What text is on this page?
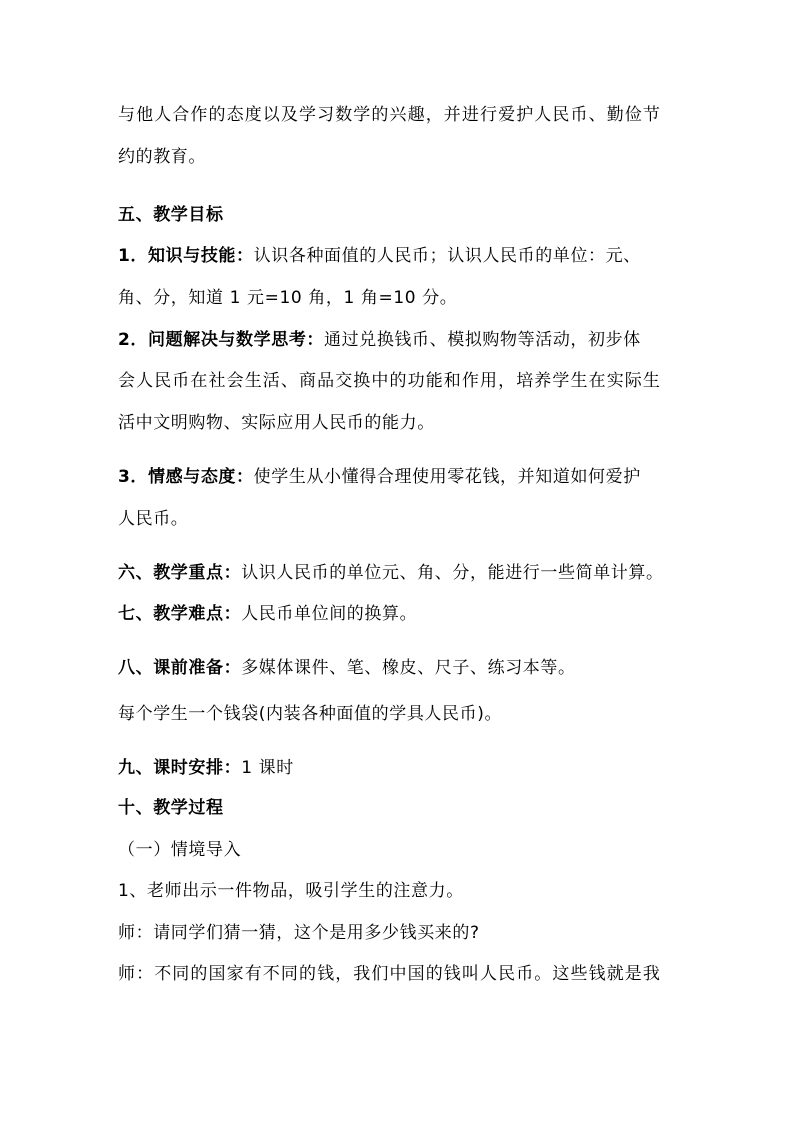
与他人合作的态度以及学习数学的兴趣，并进行爱护人民币、勤俭节
约的教育。
五、教学目标
1．知识与技能：认识各种面值的人民币；认识人民币的单位：元、
角、分，知道 1 元=10 角，1 角=10 分。
2．问题解决与数学思考：通过兑换钱币、模拟购物等活动，初步体
会人民币在社会生活、商品交换中的功能和作用，培养学生在实际生
活中文明购物、实际应用人民币的能力。
3．情感与态度：使学生从小懂得合理使用零花钱，并知道如何爱护
人民币。
六、教学重点：认识人民币的单位元、角、分，能进行一些简单计算。
七、教学难点：人民币单位间的换算。
八、课前准备：多媒体课件、笔、橡皮、尺子、练习本等。
每个学生一个钱袋(内装各种面值的学具人民币)。
九、课时安排：1 课时
十、教学过程
（一）情境导入
1、老师出示一件物品，吸引学生的注意力。
师：请同学们猜一猜，这个是用多少钱买来的?
师：不同的国家有不同的钱，我们中国的钱叫人民币。这些钱就是我
